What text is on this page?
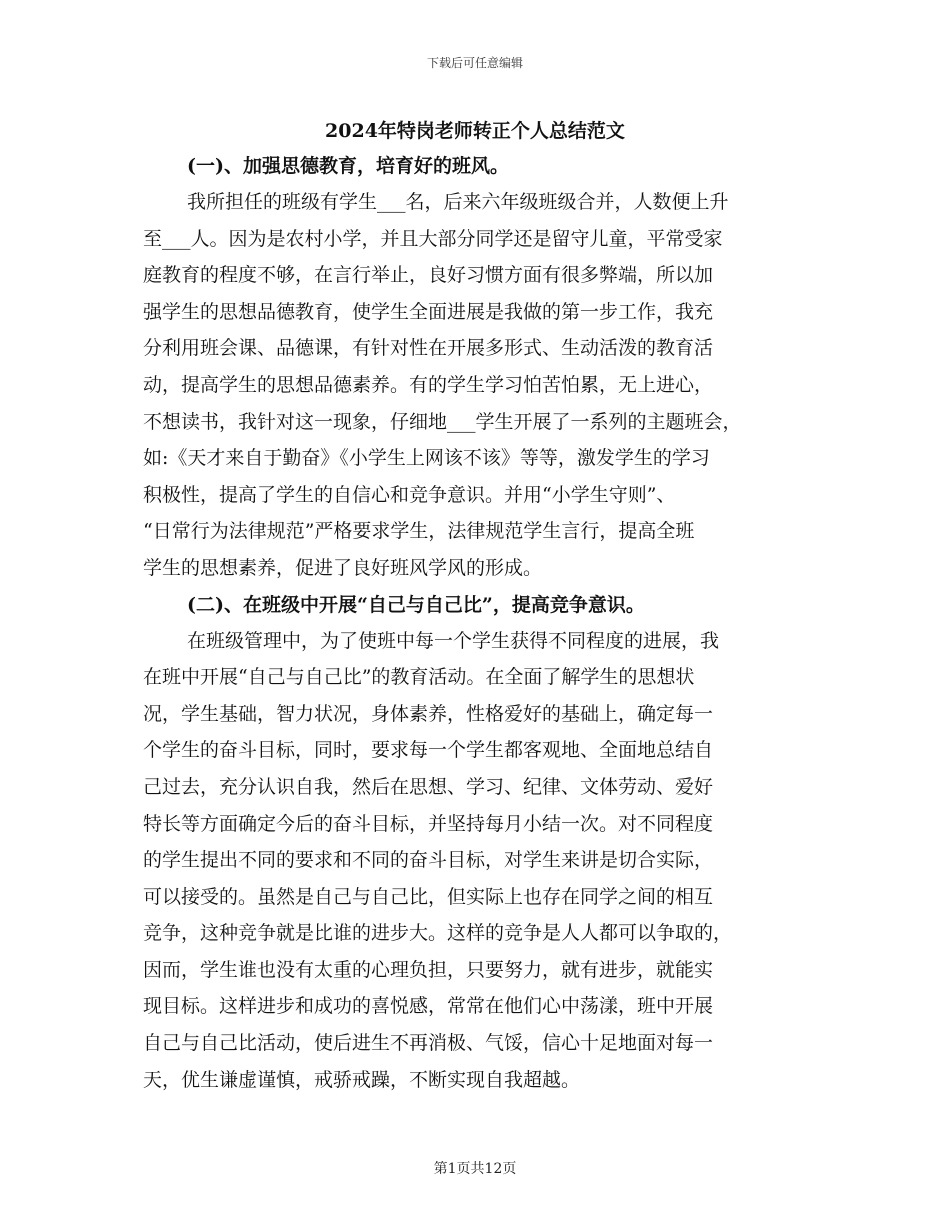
下载后可任意编辑
2024年特岗老师转正个人总结范文
(一)、加强思德教育，培育好的班风。

我所担任的班级有学生___名，后来六年级班级合并，人数便上升
至___人。因为是农村小学，并且大部分同学还是留守儿童，平常受家
庭教育的程度不够，在言行举止，良好习惯方面有很多弊端，所以加
强学生的思想品德教育，使学生全面进展是我做的第一步工作，我充
分利用班会课、品德课，有针对性在开展多形式、生动活泼的教育活
动，提高学生的思想品德素养。有的学生学习怕苦怕累，无上进心，
不想读书，我针对这一现象，仔细地___学生开展了一系列的主题班会，
如:《天才来自于勤奋》《小学生上网该不该》等等，激发学生的学习
积极性，提高了学生的自信心和竞争意识。并用“小学生守则”、
“日常行为法律规范”严格要求学生，法律规范学生言行，提高全班
学生的思想素养，促进了良好班风学风的形成。

(二)、在班级中开展“自己与自己比”，提高竞争意识。

在班级管理中，为了使班中每一个学生获得不同程度的进展，我
在班中开展“自己与自己比”的教育活动。在全面了解学生的思想状
况，学生基础，智力状况，身体素养，性格爱好的基础上，确定每一
个学生的奋斗目标，同时，要求每一个学生都客观地、全面地总结自
己过去，充分认识自我，然后在思想、学习、纪律、文体劳动、爱好
特长等方面确定今后的奋斗目标，并坚持每月小结一次。对不同程度
的学生提出不同的要求和不同的奋斗目标，对学生来讲是切合实际，
可以接受的。虽然是自己与自己比，但实际上也存在同学之间的相互
竞争，这种竞争就是比谁的进步大。这样的竞争是人人都可以争取的，
因而，学生谁也没有太重的心理负担，只要努力，就有进步，就能实
现目标。这样进步和成功的喜悦感，常常在他们心中荡漾，班中开展
自己与自己比活动，使后进生不再消极、气馁，信心十足地面对每一
天，优生谦虚谨慎，戒骄戒躁，不断实现自我超越。

第1页共12页
